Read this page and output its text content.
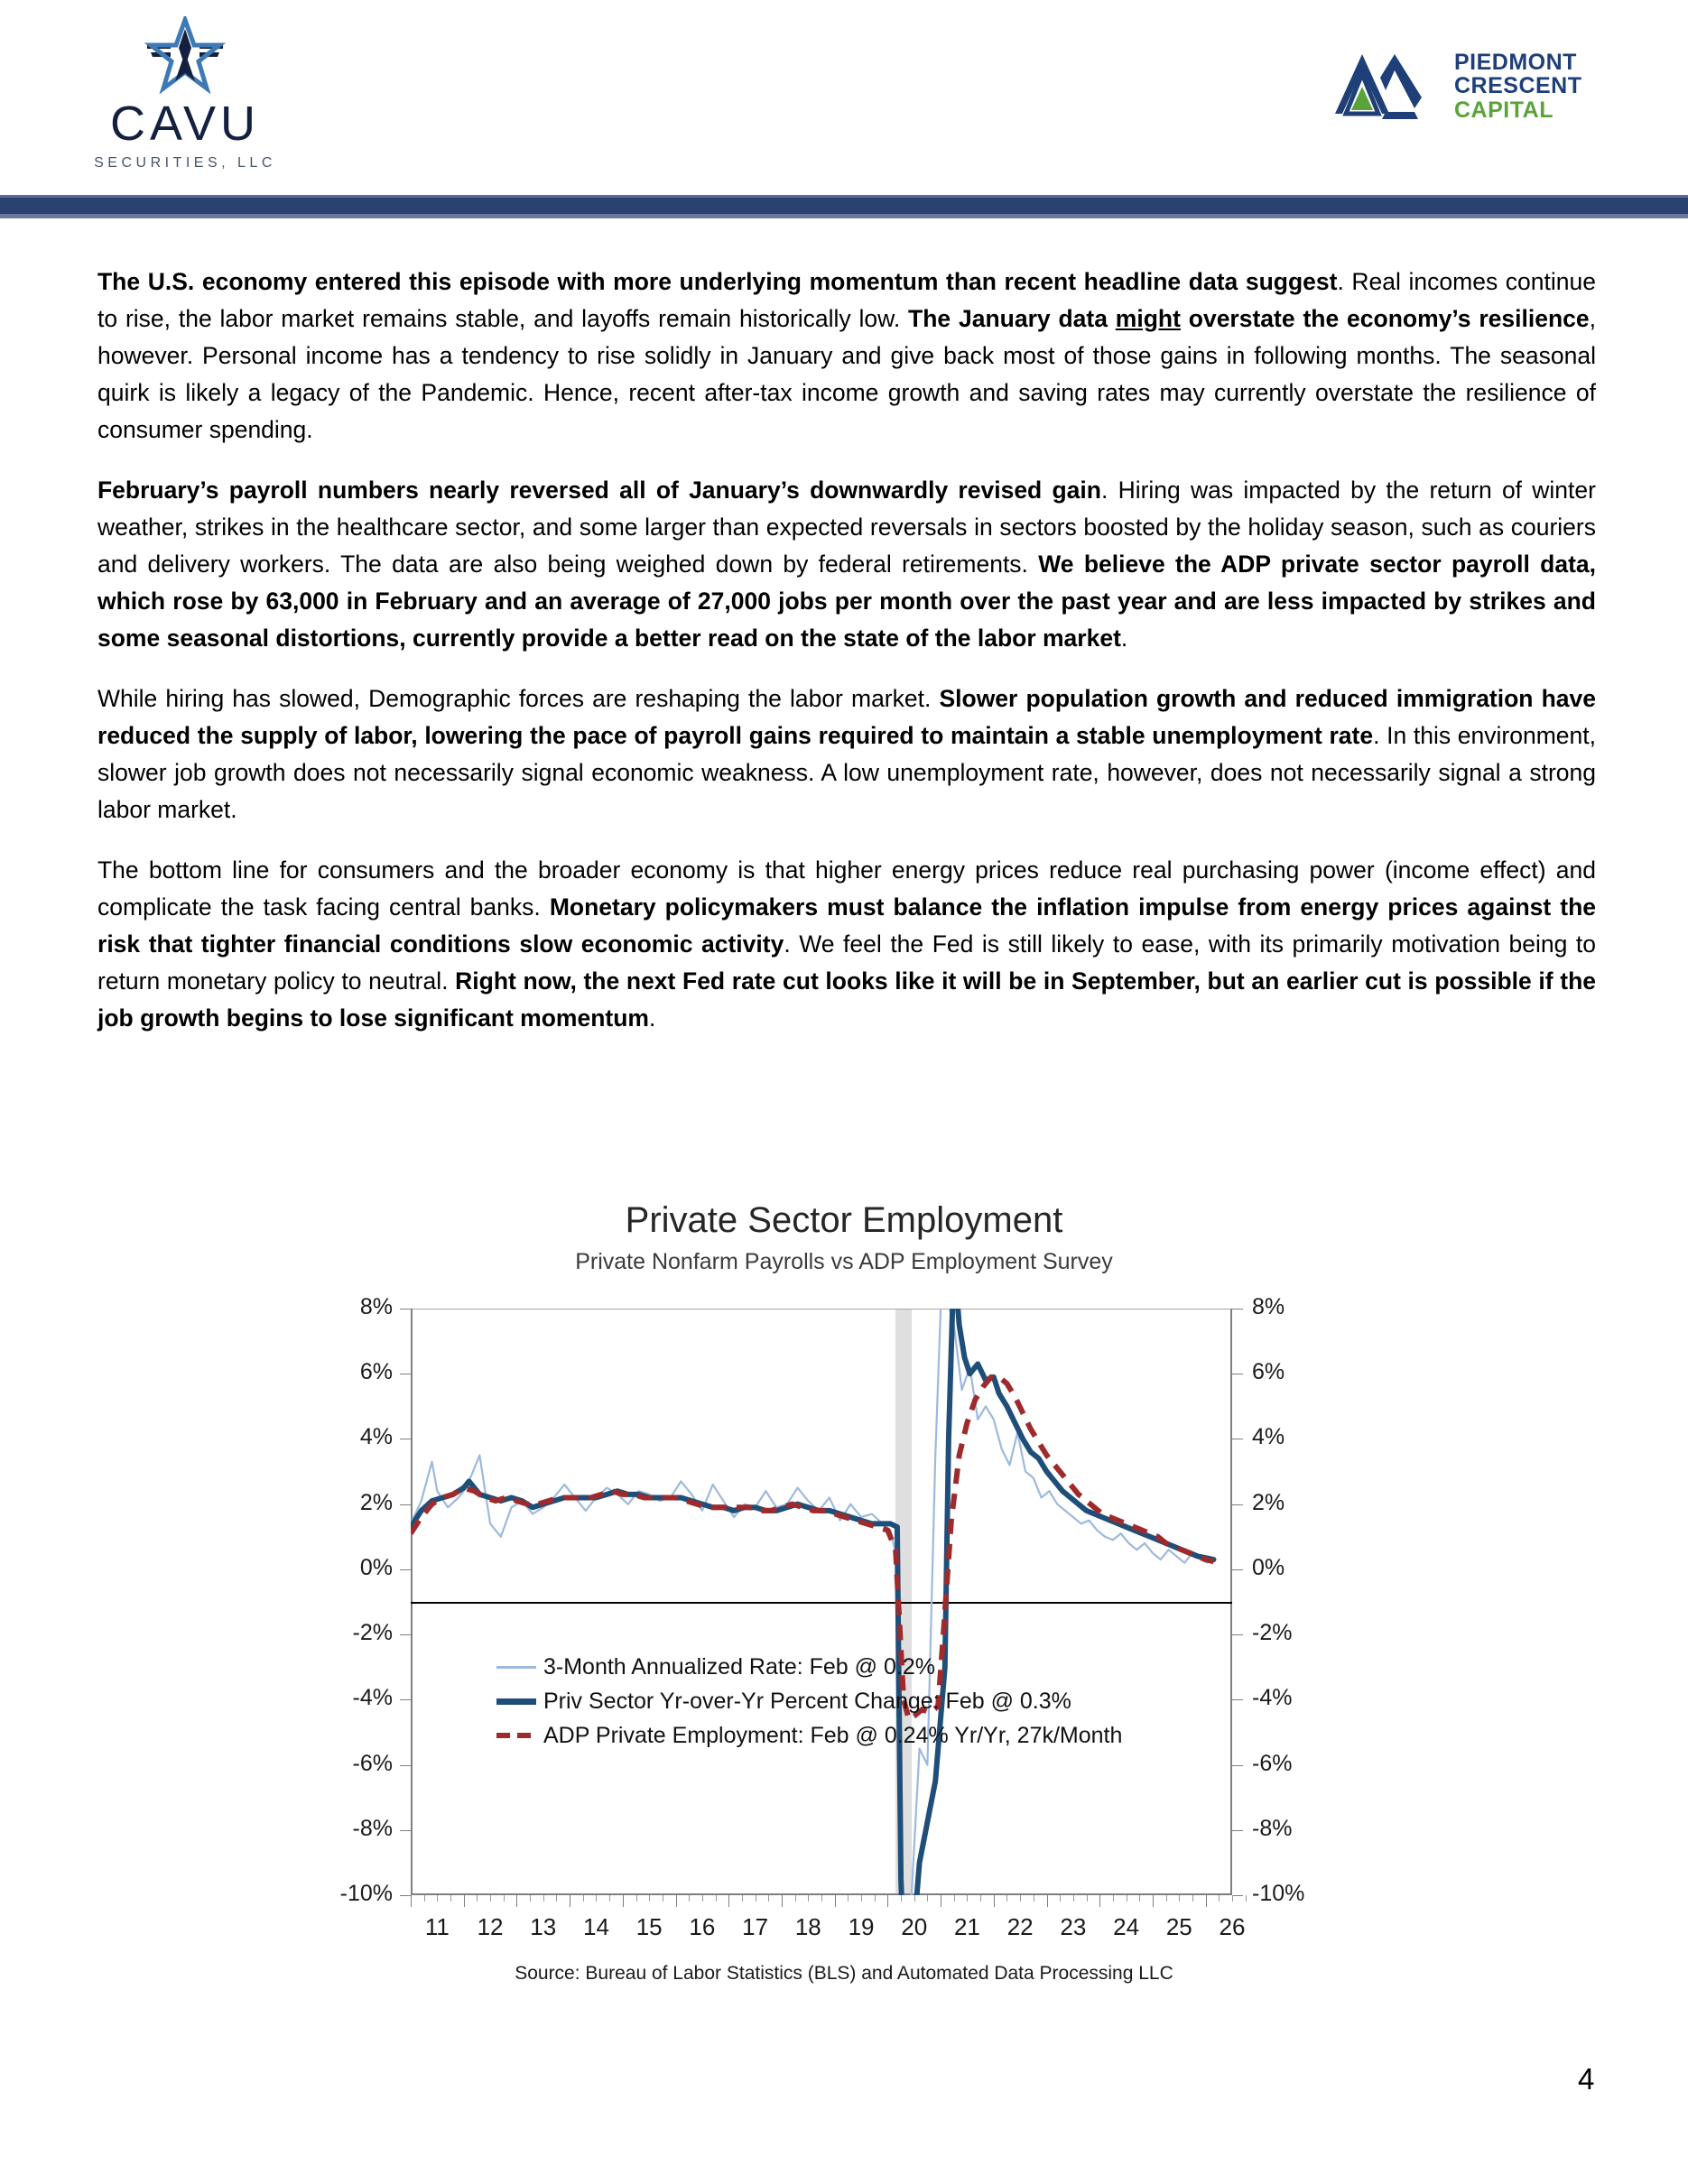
CAVU
SECURITIES, LLC
PIEDMONT
CRESCENT
CAPITAL

The U.S. economy entered this episode with more underlying momentum than recent headline data suggest. Real incomes continue to rise, the labor market remains stable, and layoffs remain historically low. The January data might overstate the economy’s resilience, however. Personal income has a tendency to rise solidly in January and give back most of those gains in following months. The seasonal quirk is likely a legacy of the Pandemic. Hence, recent after-tax income growth and saving rates may currently overstate the resilience of consumer spending.

February’s payroll numbers nearly reversed all of January’s downwardly revised gain. Hiring was impacted by the return of winter weather, strikes in the healthcare sector, and some larger than expected reversals in sectors boosted by the holiday season, such as couriers and delivery workers. The data are also being weighed down by federal retirements. We believe the ADP private sector payroll data, which rose by 63,000 in February and an average of 27,000 jobs per month over the past year and are less impacted by strikes and some seasonal distortions, currently provide a better read on the state of the labor market.

While hiring has slowed, Demographic forces are reshaping the labor market. Slower population growth and reduced immigration have reduced the supply of labor, lowering the pace of payroll gains required to maintain a stable unemployment rate. In this environment, slower job growth does not necessarily signal economic weakness. A low unemployment rate, however, does not necessarily signal a strong labor market.

The bottom line for consumers and the broader economy is that higher energy prices reduce real purchasing power (income effect) and complicate the task facing central banks. Monetary policymakers must balance the inflation impulse from energy prices against the risk that tighter financial conditions slow economic activity. We feel the Fed is still likely to ease, with its primarily motivation being to return monetary policy to neutral. Right now, the next Fed rate cut looks like it will be in September, but an earlier cut is possible if the job growth begins to lose significant momentum.

Private Sector Employment
Private Nonfarm Payrolls vs ADP Employment Survey
8%	8%
6%	6%
4%	4%
2%	2%
0%	0%
-2%	-2%
-4%	-4%
-6%	-6%
-8%	-8%
-10%	-10%
11 12 13 14 15 16 17 18 19 20 21 22 23 24 25 26
3-Month Annualized Rate: Feb @ 0.2%
Priv Sector Yr-over-Yr Percent Change: Feb @ 0.3%
ADP Private Employment: Feb @ 0.24% Yr/Yr, 27k/Month
Source: Bureau of Labor Statistics (BLS) and Automated Data Processing LLC
4
